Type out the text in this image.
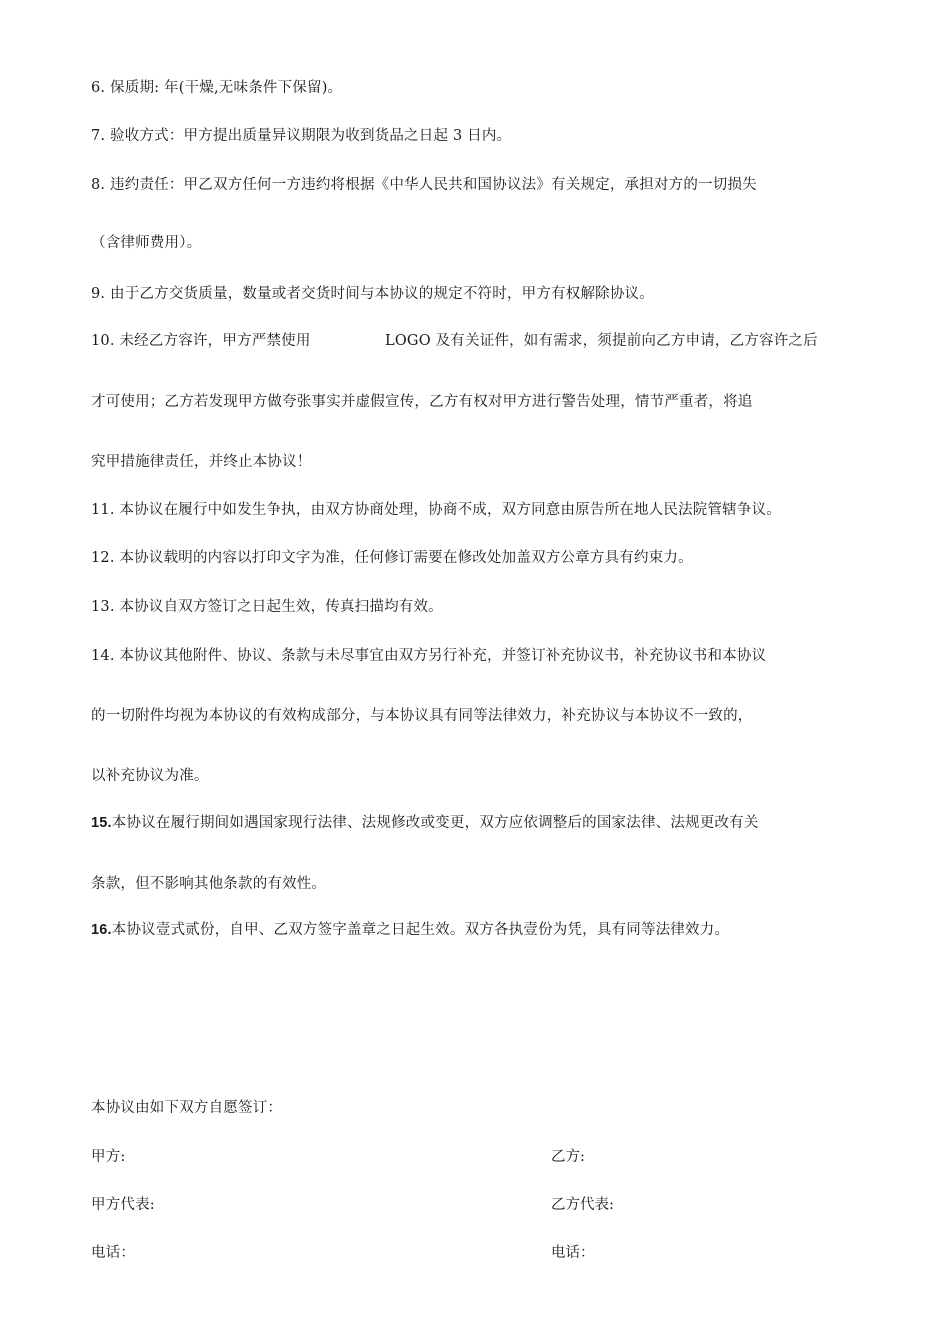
6. 保质期: 年(干燥,无味条件下保留)。
7. 验收方式：甲方提出质量异议期限为收到货品之日起 3 日内。
8. 违约责任：甲乙双方任何一方违约将根据《中华人民共和国协议法》有关规定，承担对方的一切损失
（含律师费用）。
9. 由于乙方交货质量，数量或者交货时间与本协议的规定不符时，甲方有权解除协议。
10. 未经乙方容许，甲方严禁使用	LOGO 及有关证件，如有需求，须提前向乙方申请，乙方容许之后
才可使用；乙方若发现甲方做夸张事实并虚假宣传，乙方有权对甲方进行警告处理，情节严重者，将追
究甲措施律责任，并终止本协议！
11. 本协议在履行中如发生争执，由双方协商处理，协商不成，双方同意由原告所在地人民法院管辖争议。
12. 本协议载明的内容以打印文字为准，任何修订需要在修改处加盖双方公章方具有约束力。
13. 本协议自双方签订之日起生效，传真扫描均有效。
14. 本协议其他附件、协议、条款与未尽事宜由双方另行补充，并签订补充协议书，补充协议书和本协议
的一切附件均视为本协议的有效构成部分，与本协议具有同等法律效力，补充协议与本协议不一致的，
以补充协议为准。
15.本协议在履行期间如遇国家现行法律、法规修改或变更，双方应依调整后的国家法律、法规更改有关
条款，但不影响其他条款的有效性。
16.本协议壹式贰份，自甲、乙双方签字盖章之日起生效。双方各执壹份为凭，具有同等法律效力。
本协议由如下双方自愿签订：
甲方:	乙方:
甲方代表:	乙方代表:
电话：	电话：
